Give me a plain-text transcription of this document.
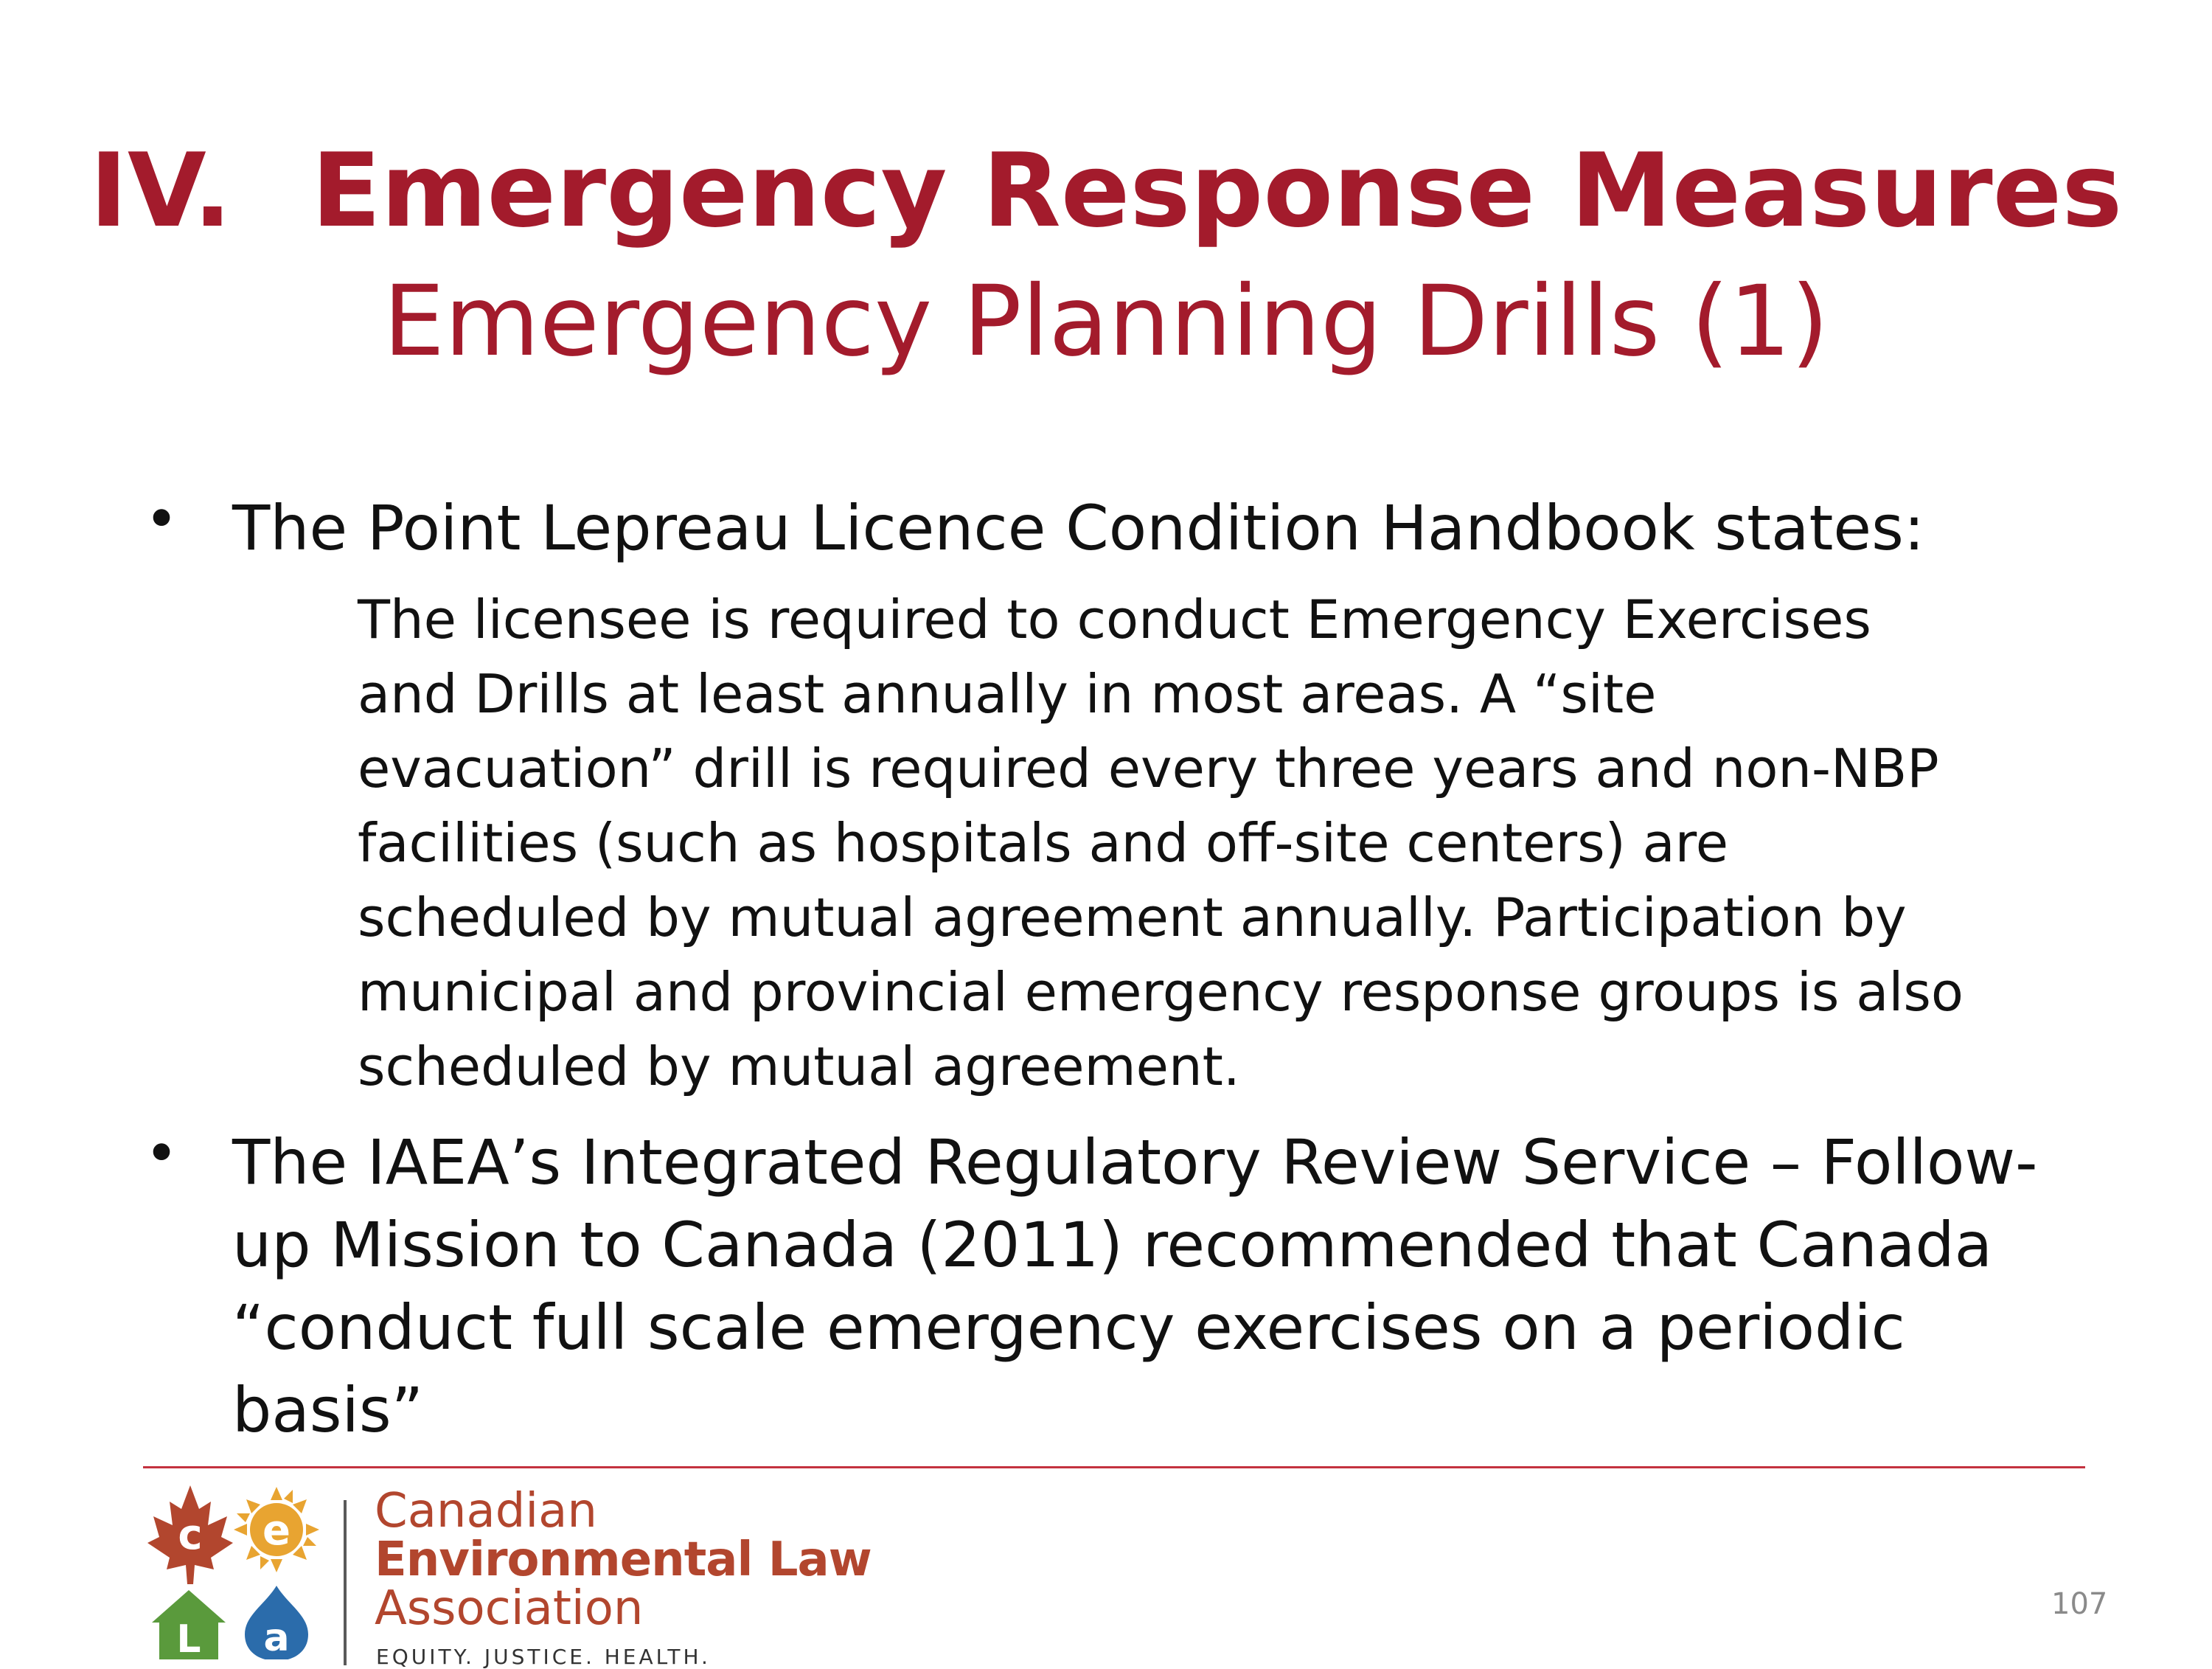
IV. Emergency Response Measures
Emergency Planning Drills (1)
• The Point Lepreau Licence Condition Handbook states:
The licensee is required to conduct Emergency Exercises
and Drills at least annually in most areas. A “site
evacuation” drill is required every three years and non-NBP
facilities (such as hospitals and off-site centers) are
scheduled by mutual agreement annually. Participation by
municipal and provincial emergency response groups is also
scheduled by mutual agreement.
• The IAEA’s Integrated Regulatory Review Service – Follow-up Mission to Canada (2011) recommended that Canada “conduct full scale emergency exercises on a periodic basis”
c e
L a
Canadian
Environmental Law
Association
EQUITY. JUSTICE. HEALTH.
107
